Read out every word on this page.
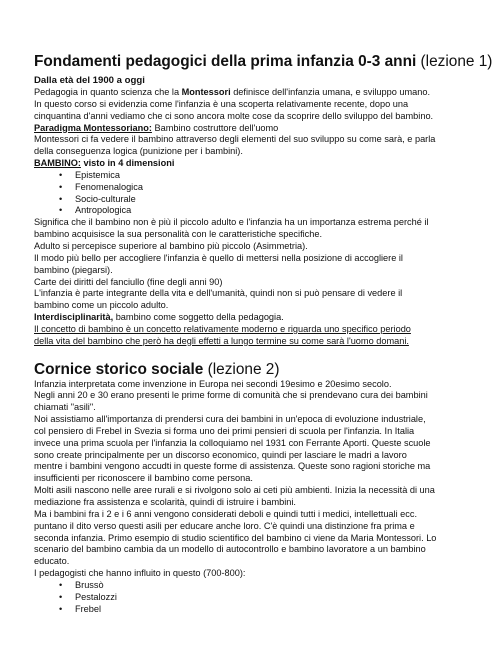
Fondamenti pedagogici della prima infanzia 0-3 anni (lezione 1)
Dalla età del 1900 a oggi
Pedagogia in quanto scienza che la Montessori definisce dell'infanzia umana, e sviluppo umano.
In questo corso si evidenzia come l'infanzia è una scoperta relativamente recente, dopo una
cinquantina d'anni vediamo che ci sono ancora molte cose da scoprire dello sviluppo del bambino.
Paradigma Montessoriano: Bambino costruttore dell'uomo
Montessori ci fa vedere il bambino attraverso degli elementi del suo sviluppo su come sarà, e parla
della conseguenza logica (punizione per i bambini).
BAMBINO: visto in 4 dimensioni
• Epistemica
• Fenomenalogica
• Socio-culturale
• Antropologica
Significa che il bambino non è più il piccolo adulto e l'infanzia ha un importanza estrema perché il
bambino acquisisce la sua personalità con le caratteristiche specifiche.
Adulto si percepisce superiore al bambino più piccolo (Asimmetria).
Il modo più bello per accogliere l'infanzia è quello di mettersi nella posizione di accogliere il
bambino (piegarsi).
Carte dei diritti del fanciullo (fine degli anni 90)
L'infanzia è parte integrante della vita e dell'umanità, quindi non si può pensare di vedere il
bambino come un piccolo adulto.
Interdisciplinarità, bambino come soggetto della pedagogia.
Il concetto di bambino è un concetto relativamente moderno e riguarda uno specifico periodo
della vita del bambino che però ha degli effetti a lungo termine su come sarà l'uomo domani.
Cornice storico sociale (lezione 2)
Infanzia interpretata come invenzione in Europa nei secondi 19esimo e 20esimo secolo.
Negli anni 20 e 30 erano presenti le prime forme di comunità che si prendevano cura dei bambini
chiamati "asili".
Noi assistiamo all'importanza di prendersi cura dei bambini in un'epoca di evoluzione industriale,
col pensiero di Frebel in Svezia si forma uno dei primi pensieri di scuola per l'infanzia. In Italia
invece una prima scuola per l'infanzia la colloquiamo nel 1931 con Ferrante Aporti. Queste scuole
sono create principalmente per un discorso economico, quindi per lasciare le madri a lavoro
mentre i bambini vengono accudti in queste forme di assistenza. Queste sono ragioni storiche ma
insufficienti per riconoscere il bambino come persona.
Molti asili nascono nelle aree rurali e si rivolgono solo ai ceti più ambienti. Inizia la necessità di una
mediazione fra assistenza e scolarità, quindi di istruire i bambini.
Ma i bambini fra i 2 e i 6 anni vengono considerati deboli e quindi tutti i medici, intellettuali ecc.
puntano il dito verso questi asili per educare anche loro. C'è quindi una distinzione fra prima e
seconda infanzia. Primo esempio di studio scientifico del bambino ci viene da Maria Montessori. Lo
scenario del bambino cambia da un modello di autocontrollo e bambino lavoratore a un bambino
educato.
I pedagogisti che hanno influito in questo (700-800):
• Brussò
• Pestalozzi
• Frebel
